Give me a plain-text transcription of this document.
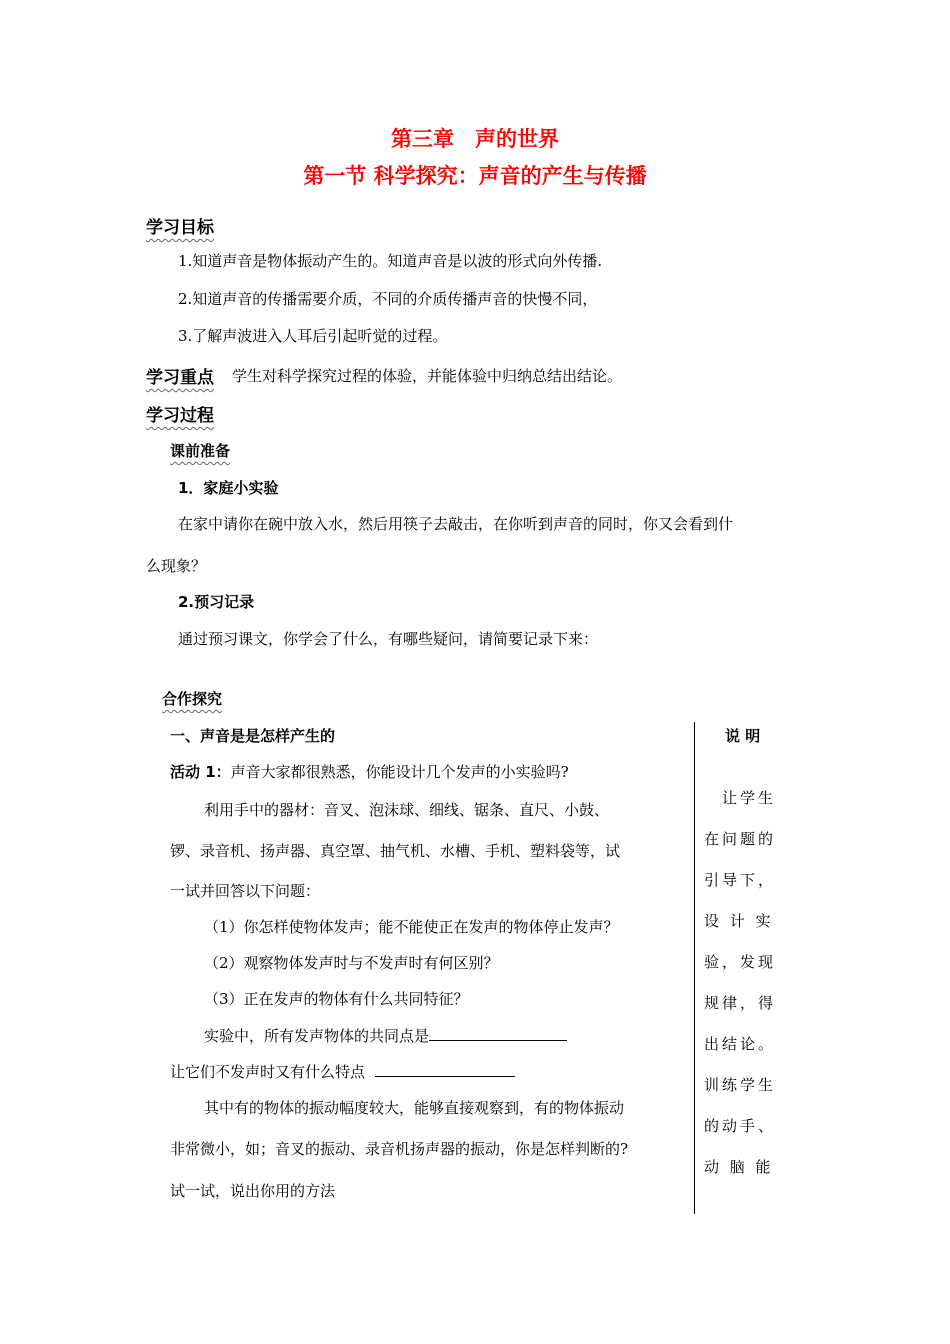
第三章　声的世界
第一节 科学探究：声音的产生与传播
学习目标
1.知道声音是物体振动产生的。知道声音是以波的形式向外传播.
2.知道声音的传播需要介质，不同的介质传播声音的快慢不同，
3.了解声波进入人耳后引起听觉的过程。
学习重点	学生对科学探究过程的体验，并能体验中归纳总结出结论。
学习过程
课前准备
1．家庭小实验
在家中请你在碗中放入水，然后用筷子去敲击，在你听到声音的同时，你又会看到什
么现象？
2.预习记录
通过预习课文，你学会了什么，有哪些疑问，请简要记录下来：
合作探究
一、声音是是怎样产生的
活动 1：声音大家都很熟悉，你能设计几个发声的小实验吗?
利用手中的器材：音叉、泡沫球、细线、锯条、直尺、小鼓、
锣、录音机、扬声器、真空罩、抽气机、水槽、手机、塑料袋等，试
一试并回答以下问题：
（1）你怎样使物体发声；能不能使正在发声的物体停止发声？
（2）观察物体发声时与不发声时有何区别？
（3）正在发声的物体有什么共同特征？
实验中，所有发声物体的共同点是
让它们不发声时又有什么特点
其中有的物体的振动幅度较大，能够直接观察到，有的物体振动
非常微小，如；音叉的振动、录音机扬声器的振动，你是怎样判断的?
试一试，说出你用的方法
说 明
让学生
在问题的
引导下，
设 计 实
验，发现
规律，得
出结论。
训练学生
的动手、
动 脑 能
